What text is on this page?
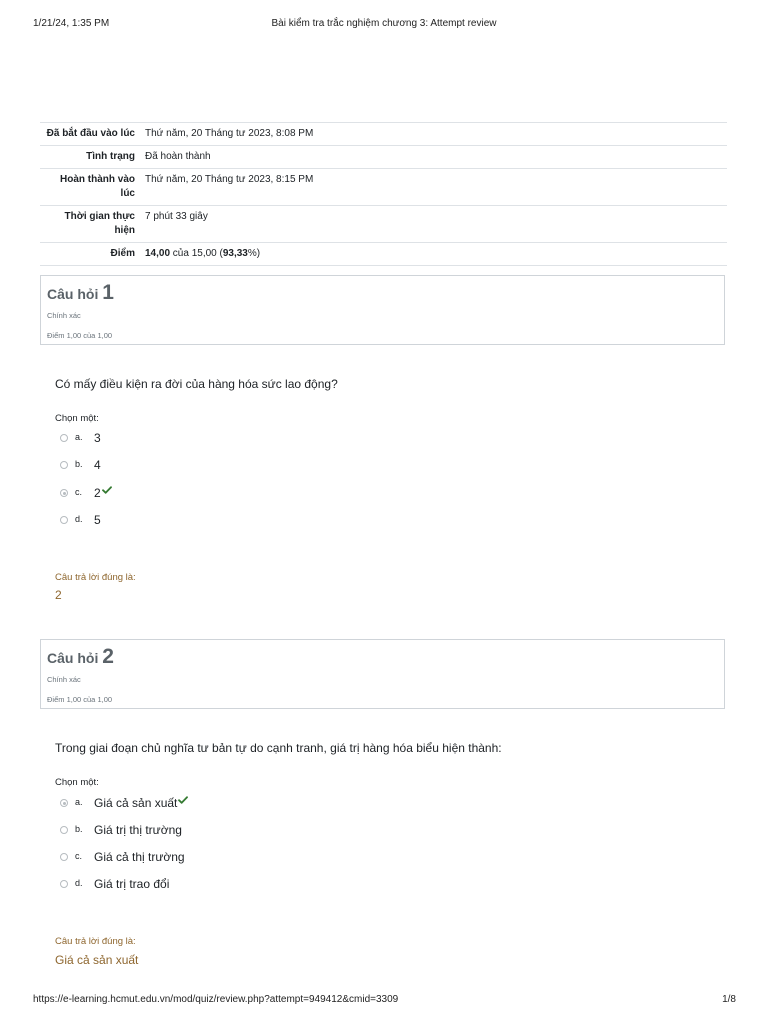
1/21/24, 1:35 PM	Bài kiểm tra trắc nghiệm chương 3: Attempt review
Đã bắt đầu vào lúc	Thứ năm, 20 Tháng tư 2023, 8:08 PM
Tình trạng	Đã hoàn thành
Hoàn thành vào lúc	Thứ năm, 20 Tháng tư 2023, 8:15 PM
Thời gian thực hiện	7 phút 33 giây
Điểm	14,00 của 15,00 (93,33%)
Câu hỏi 1
Chính xác
Điểm 1,00 của 1,00
Có mấy điều kiện ra đời của hàng hóa sức lao động?
Chọn một:
a. 3
b. 4
c. 2
d. 5
Câu trả lời đúng là:
2
Câu hỏi 2
Chính xác
Điểm 1,00 của 1,00
Trong giai đoạn chủ nghĩa tư bản tự do cạnh tranh, giá trị hàng hóa biểu hiện thành:
Chọn một:
a. Giá cả sản xuất
b. Giá trị thị trường
c. Giá cả thị trường
d. Giá trị trao đổi
Câu trả lời đúng là:
Giá cả sản xuất
https://e-learning.hcmut.edu.vn/mod/quiz/review.php?attempt=949412&cmid=3309	1/8
